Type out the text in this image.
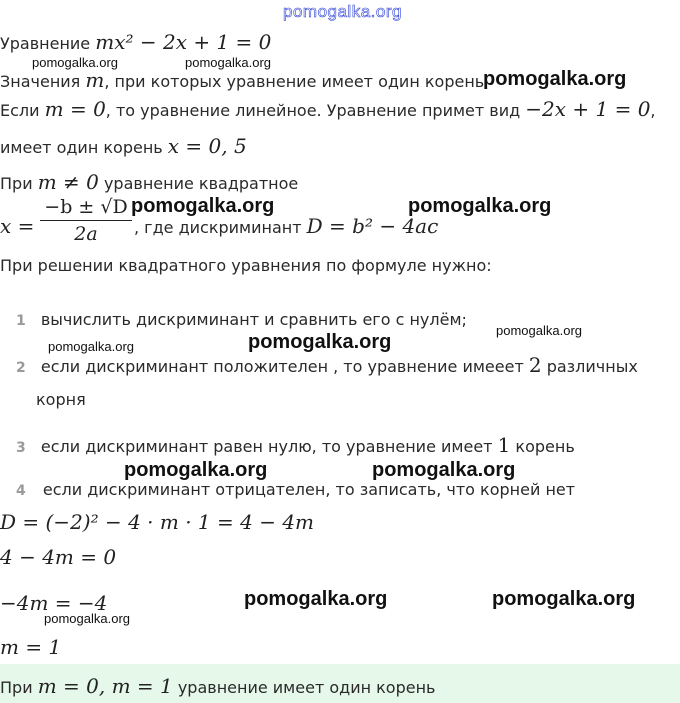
pomogalka.org
Уравнение mx² − 2x + 1 = 0
pomogalka.org	pomogalka.org
Значения m, при которых уравнение имеет один корень
pomogalka.org
Если m = 0, то уравнение линейное. Уравнение примет вид −2x + 1 = 0,
имеет один корень x = 0, 5
При m ≠ 0 уравнение квадратное
x =
−b ± √D
2a , где дискриминант D = b² − 4ac
pomogalka.org	pomogalka.org
При решении квадратного уравнения по формуле нужно:
1 вычислить дискриминант и сравнить его с нулём;
pomogalka.org
pomogalka.org	pomogalka.org
2 если дискриминант положителен , то уравнение имееет 2 различных
корня
3 если дискриминант равен нулю, то уравнение имеет 1 корень
pomogalka.org	pomogalka.org
4 если дискриминант отрицателен, то записать, что корней нет
D = (−2)² − 4 · m · 1 = 4 − 4m
4 − 4m = 0
−4m = −4	pomogalka.org	pomogalka.org
pomogalka.org
m = 1
При m = 0, m = 1 уравнение имеет один корень
